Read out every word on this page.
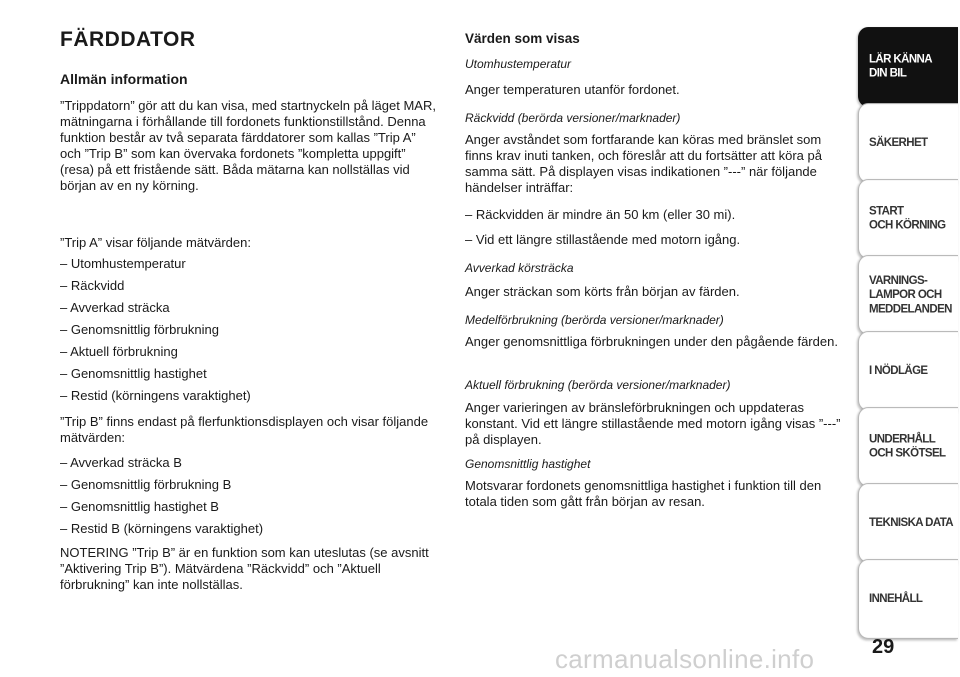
FÄRDDATOR
Allmän information

”Trippdatorn” gör att du kan visa, med startnyckeln på läget MAR, mätningarna i förhållande till fordonets funktionstillstånd. Denna funktion består av två separata färddatorer som kallas ”Trip A” och ”Trip B” som kan övervaka fordonets ”kompletta uppgift” (resa) på ett fristående sätt. Båda mätarna kan nollställas vid början av en ny körning.

”Trip A” visar följande mätvärden:

– Utomhustemperatur

– Räckvidd

– Avverkad sträcka

– Genomsnittlig förbrukning

– Aktuell förbrukning

– Genomsnittlig hastighet

– Restid (körningens varaktighet)

”Trip B” finns endast på flerfunktionsdisplayen och visar följande mätvärden:

– Avverkad sträcka B

– Genomsnittlig förbrukning B

– Genomsnittlig hastighet B

– Restid B (körningens varaktighet)

NOTERING ”Trip B” är en funktion som kan uteslutas (se avsnitt ”Aktivering Trip B”). Mätvärdena ”Räckvidd” och ”Aktuell förbrukning” kan inte nollställas.

Värden som visas

Utomhustemperatur

Anger temperaturen utanför fordonet.

Räckvidd (berörda versioner/marknader)

Anger avståndet som fortfarande kan köras med bränslet som finns krav inuti tanken, och föreslår att du fortsätter att köra på samma sätt. På displayen visas indikationen ”---” när följande händelser inträffar:

– Räckvidden är mindre än 50 km (eller 30 mi).

– Vid ett längre stillastående med motorn igång.

Avverkad körsträcka

Anger sträckan som körts från början av färden.

Medelförbrukning (berörda versioner/marknader)

Anger genomsnittliga förbrukningen under den pågående färden.

Aktuell förbrukning (berörda versioner/marknader)

Anger varieringen av bränsleförbrukningen och uppdateras konstant. Vid ett längre stillastående med motorn igång visas ”---” på displayen.

Genomsnittlig hastighet

Motsvarar fordonets genomsnittliga hastighet i funktion till den totala tiden som gått från början av resan.

LÄR KÄNNA
DIN BIL
SÄKERHET
START
OCH KÖRNING
VARNINGS-
LAMPOR OCH
MEDDELANDEN
I NÖDLÄGE
UNDERHÅLL
OCH SKÖTSEL
TEKNISKA DATA
INNEHÅLL
29
carmanualsonline.info
